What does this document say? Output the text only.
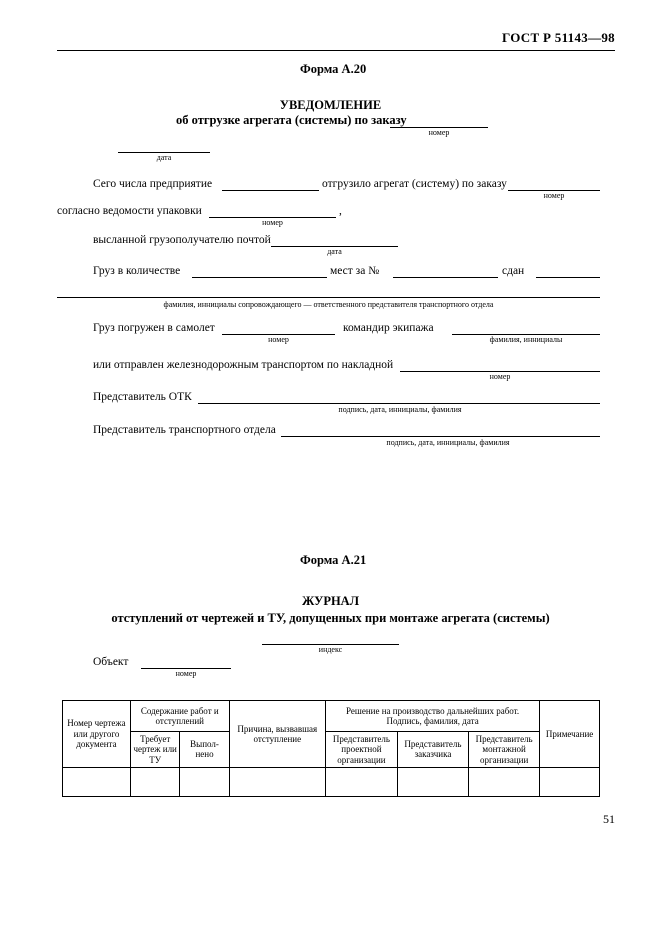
ГОСТ Р 51143—98
Форма А.20
УВЕДОМЛЕНИЕ
об отгрузке агрегата (системы) по заказу
номер
дата
Сего числа предприятие	отгрузило агрегат (систему) по заказу
номер
согласно ведомости упаковки	,
номер
высланной грузополучателю почтой
дата
Груз в количестве	мест за №	сдан
фамилия, иннициалы сопровождающего — ответственного представителя транспортного отдела
Груз погружен в самолет
номер
командир экипажа
фамилия, иннициалы
или отправлен железнодорожным транспортом по накладной
номер
Представитель ОТК
подпись, дата, иннициалы, фамилия
Представитель транспортного отдела
подпись, дата, иннициалы, фамилия
Форма А.21
ЖУРНАЛ
отступлений от чертежей и ТУ, допущенных при монтаже агрегата (системы)
индекс
Объект
номер
Номер чертежа или другого документа	Содержание работ и отступлений		Причина, вызвавшая отступление	Решение на производство дальнейших работ. Подпись, фамилия, дата			Примечание
	Требует чертеж или ТУ	Выпол- нено		Представитель проектной организации	Представитель заказчика	Представитель монтажной организации	

51
